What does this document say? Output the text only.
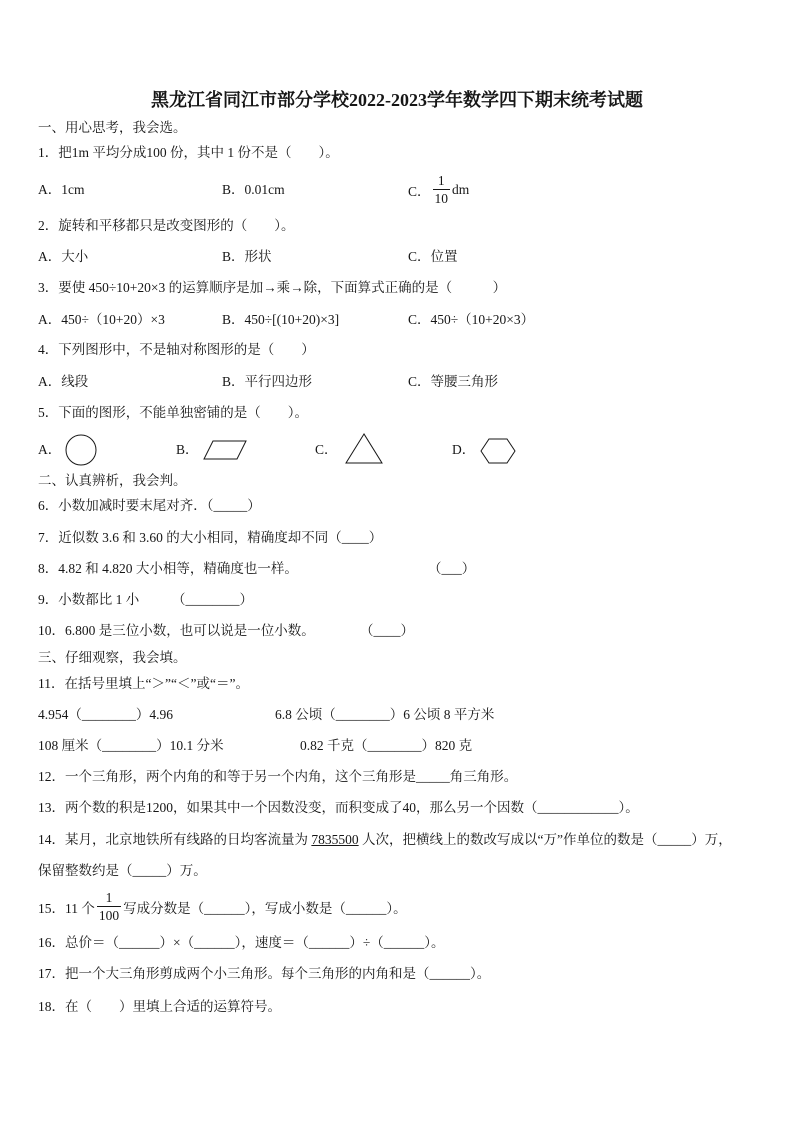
黑龙江省同江市部分学校2022-2023学年数学四下期末统考试题
一、用心思考，我会选。
1．把1m 平均分成100 份，其中 1 份不是（　　）。
A．1cm	B．0.01cm	C． $\frac{1}{10}$ dm
2．旋转和平移都只是改变图形的（　　）。
A．大小	B．形状	C．位置
3．要使 450÷10+20×3 的运算顺序是加→乘→除，下面算式正确的是（　　　）
A．450÷（10+20）×3	B．450÷[(10+20)×3]	C．450÷（10+20×3）
4．下列图形中，不是轴对称图形的是（　　）
A．线段	B．平行四边形	C．等腰三角形
5．下面的图形，不能单独密铺的是（　　）。
A．	B．	C．	D．
二、认真辨析，我会判。
6．小数加减时要末尾对齐．（_____）
7．近似数 3.6 和 3.60 的大小相同，精确度却不同（____）
8．4.82 和 4.820 大小相等，精确度也一样。	（___）
9．小数都比 1 小 （________）
10．6.800 是三位小数，也可以说是一位小数。	（____）
三、仔细观察，我会填。
11．在括号里填上“＞”“＜”或“＝”。
4.954（________）4.96	6.8 公顷（________）6 公顷 8 平方米
108 厘米（________）10.1 分米	0.82 千克（________）820 克
12．一个三角形，两个内角的和等于另一个内角，这个三角形是_____角三角形。
13．两个数的积是1200，如果其中一个因数没变，而积变成了40，那么另一个因数（____________）。
14．某月，北京地铁所有线路的日均客流量为 7835500 人次，把横线上的数改写成以“万”作单位的数是（_____）万，
保留整数约是（_____）万。
15．11 个 $\frac{1}{100}$ 写成分数是（______），写成小数是（______）。
16．总价＝（______）×（______），速度＝（______）÷（______）。
17．把一个大三角形剪成两个小三角形。每个三角形的内角和是（______）。
18．在（　　）里填上合适的运算符号。
